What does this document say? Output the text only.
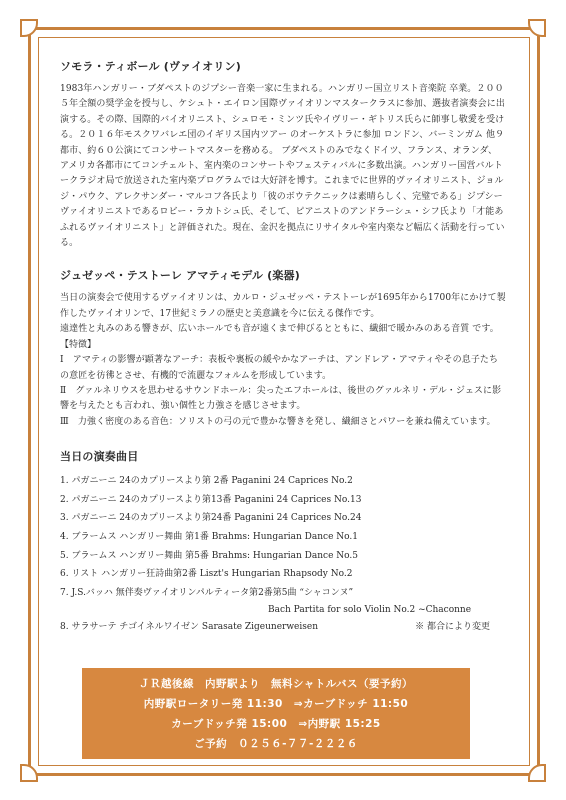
ソモラ・ティボール (ヴァイオリン)

1983年ハンガリー・ブダペストのジプシー音楽一家に生まれる。ハンガリー国立リスト音楽院 卒業。２００５年全額の奨学金を授与し、ケシュト・エイロン国際ヴァイオリンマスタークラスに参加、選抜者演奏会に出演する。その際、国際的バイオリニスト、シュロモ・ミンツ氏やイヴリー・ギトリス氏らに師事し敬愛を受ける。２０１６年モスクワバレエ団のイギリス国内ツアー のオーケストラに参加 ロンドン、バーミンガム 他９都市、約６０公演にてコンサートマスターを務める。 ブダペストのみでなくドイツ、フランス、オランダ、アメリカ各都市にてコンチェルト、室内楽のコンサートやフェスティバルに多数出演。ハンガリー国営バルトークラジオ局で放送された室内楽プログラムでは大好評を博す。これまでに世界的ヴァイオリニスト、ジョルジ・パウク、アレクサンダー・マルコフ各氏より「彼のボウテクニックは素晴らしく、完璧である」ジプシーヴァイオリニストであるロビー・ラカトシュ氏、そして、ピアニストのアンドラーシュ・シフ氏より「才能あふれるヴァイオリニスト」と評価された。現在、金沢を拠点にリサイタルや室内楽など幅広く活動を行っている。

ジュゼッペ・テストーレ アマティモデル (楽器)

当日の演奏会で使用するヴァイオリンは、カルロ・ジュゼッペ・テストーレが1695年から1700年にかけて製作したヴァイオリンで、17世紀ミラノの歴史と美意識を今に伝える傑作です。

遠達性と丸みのある響きが、広いホールでも音が遠くまで伸びるとともに、繊細で暖かみのある音質 です。

【特徴】

Ⅰ　アマティの影響が顕著なアーチ：表板や裏板の緩やかなアーチは、アンドレア・アマティやその息子たちの意匠を彷彿とさせ、有機的で流麗なフォルムを形成しています。

Ⅱ　グァルネリウスを思わせるサウンドホール：尖ったエフホールは、後世のグァルネリ・デル・ジェスに影響を与えたとも言われ、強い個性と力強さを感じさせます。

Ⅲ　力強く密度のある音色：ソリストの弓の元で豊かな響きを発し、繊細さとパワーを兼ね備えています。

当日の演奏曲目
1. パガニーニ 24のカプリースより第 2番 Paganini 24 Caprices No.2
2. パガニーニ 24のカプリースより第13番 Paganini 24 Caprices No.13
3. パガニーニ 24のカプリースより第24番 Paganini 24 Caprices No.24
4. ブラームス ハンガリー舞曲 第1番 Brahms: Hungarian Dance No.1
5. ブラームス ハンガリー舞曲 第5番 Brahms: Hungarian Dance No.5
6. リスト ハンガリー狂詩曲第2番 Liszt's Hungarian Rhapsody No.2
7. J.S.バッハ 無伴奏ヴァイオリンパルティータ第2番第5曲 “シャコンヌ”
Bach Partita for solo Violin No.2 ~Chaconne
8. サラサーテ チゴイネルワイゼン Sarasate Zigeunerweisen	※ 都合により変更
ＪＲ越後線　内野駅より　無料シャトルバス（要予約）
内野駅ロータリー発 11:30　⇒カーブドッチ 11:50
カーブドッチ発 15:00　⇒内野駅 15:25
ご予約　０２５６-７７-２２２６
